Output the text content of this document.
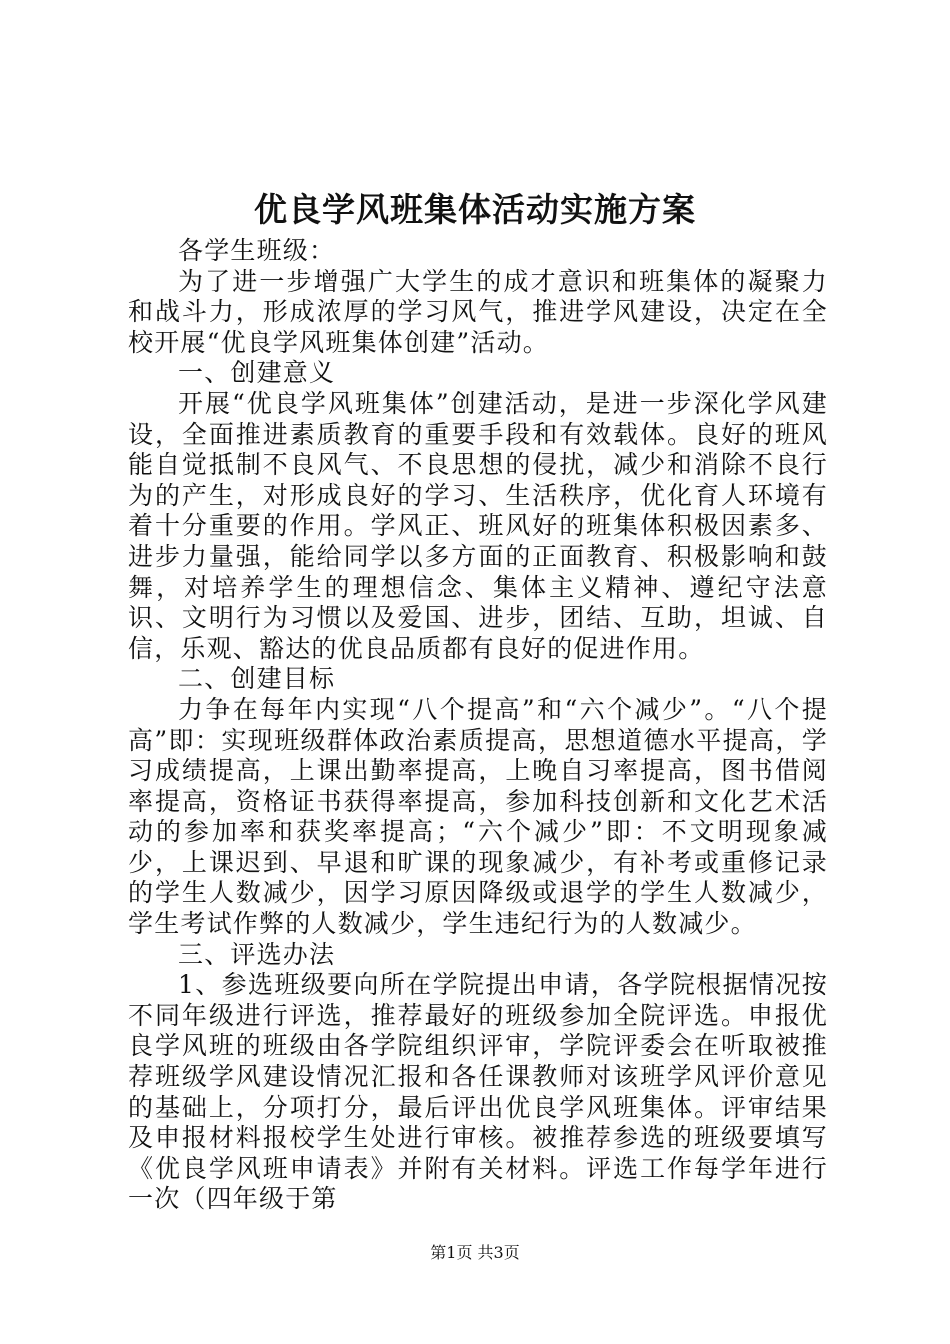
优良学风班集体活动实施方案

各学生班级：

为了进一步增强广大学生的成才意识和班集体的凝聚力和战斗力，形成浓厚的学习风气，推进学风建设，决定在全校开展“优良学风班集体创建”活动。

一、创建意义

开展“优良学风班集体”创建活动，是进一步深化学风建设，全面推进素质教育的重要手段和有效载体。良好的班风能自觉抵制不良风气、不良思想的侵扰，减少和消除不良行为的产生，对形成良好的学习、生活秩序，优化育人环境有着十分重要的作用。学风正、班风好的班集体积极因素多、进步力量强，能给同学以多方面的正面教育、积极影响和鼓舞，对培养学生的理想信念、集体主义精神、遵纪守法意识、文明行为习惯以及爱国、进步，团结、互助，坦诚、自信，乐观、豁达的优良品质都有良好的促进作用。

二、创建目标

力争在每年内实现“八个提高”和“六个减少”。“八个提高”即：实现班级群体政治素质提高，思想道德水平提高，学习成绩提高，上课出勤率提高，上晚自习率提高，图书借阅率提高，资格证书获得率提高，参加科技创新和文化艺术活动的参加率和获奖率提高；“六个减少”即：不文明现象减少，上课迟到、早退和旷课的现象减少，有补考或重修记录的学生人数减少，因学习原因降级或退学的学生人数减少，学生考试作弊的人数减少，学生违纪行为的人数减少。

三、评选办法

1、参选班级要向所在学院提出申请，各学院根据情况按不同年级进行评选，推荐最好的班级参加全院评选。申报优良学风班的班级由各学院组织评审，学院评委会在听取被推荐班级学风建设情况汇报和各任课教师对该班学风评价意见的基础上，分项打分，最后评出优良学风班集体。评审结果及申报材料报校学生处进行审核。被推荐参选的班级要填写《优良学风班申请表》并附有关材料。评选工作每学年进行一次（四年级于第

第1页 共3页
